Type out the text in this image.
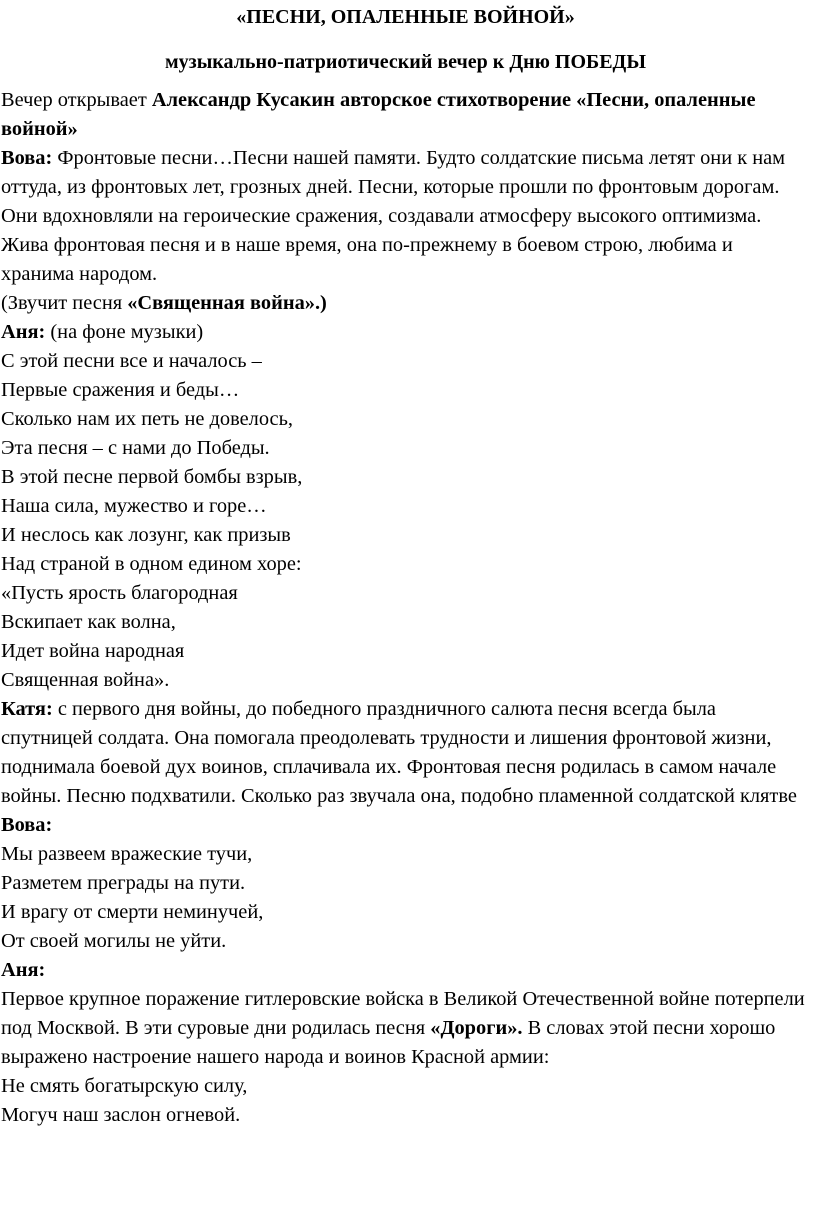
«ПЕСНИ, ОПАЛЕННЫЕ ВОЙНОЙ»
музыкально-патриотический вечер к Дню ПОБЕДЫ

Вечер открывает Александр Кусакин авторское стихотворение «Песни, опаленные войной»

Вова: Фронтовые песни…Песни нашей памяти. Будто солдатские письма летят они к нам оттуда, из фронтовых лет, грозных дней. Песни, которые прошли по фронтовым дорогам. Они вдохновляли на героические сражения, создавали атмосферу высокого оптимизма. Жива фронтовая песня и в наше время, она по-прежнему в боевом строю, любима и хранима народом.

(Звучит песня «Священная война».)

Аня: (на фоне музыки)

С этой песни все и началось –

Первые сражения и беды…

Сколько нам их петь не довелось,

Эта песня – с нами до Победы.

В этой песне первой бомбы взрыв,

Наша сила, мужество и горе…

И неслось как лозунг, как призыв

Над страной в одном едином хоре:

«Пусть ярость благородная

Вскипает как волна,

Идет война народная

Священная война».

Катя: с первого дня войны, до победного праздничного салюта песня всегда была спутницей солдата. Она помогала преодолевать трудности и лишения фронтовой жизни, поднимала боевой дух воинов, сплачивала их. Фронтовая песня родилась в самом начале войны. Песню подхватили. Сколько раз звучала она, подобно пламенной солдатской клятве

Вова:

Мы развеем вражеские тучи,

Разметем преграды на пути.

И врагу от смерти неминучей,

От своей могилы не уйти.

Аня:

Первое крупное поражение гитлеровские войска в Великой Отечественной войне потерпели под Москвой. В эти суровые дни родилась песня «Дороги». В словах этой песни хорошо выражено настроение нашего народа и воинов Красной армии:

Не смять богатырскую силу,

Могуч наш заслон огневой.
